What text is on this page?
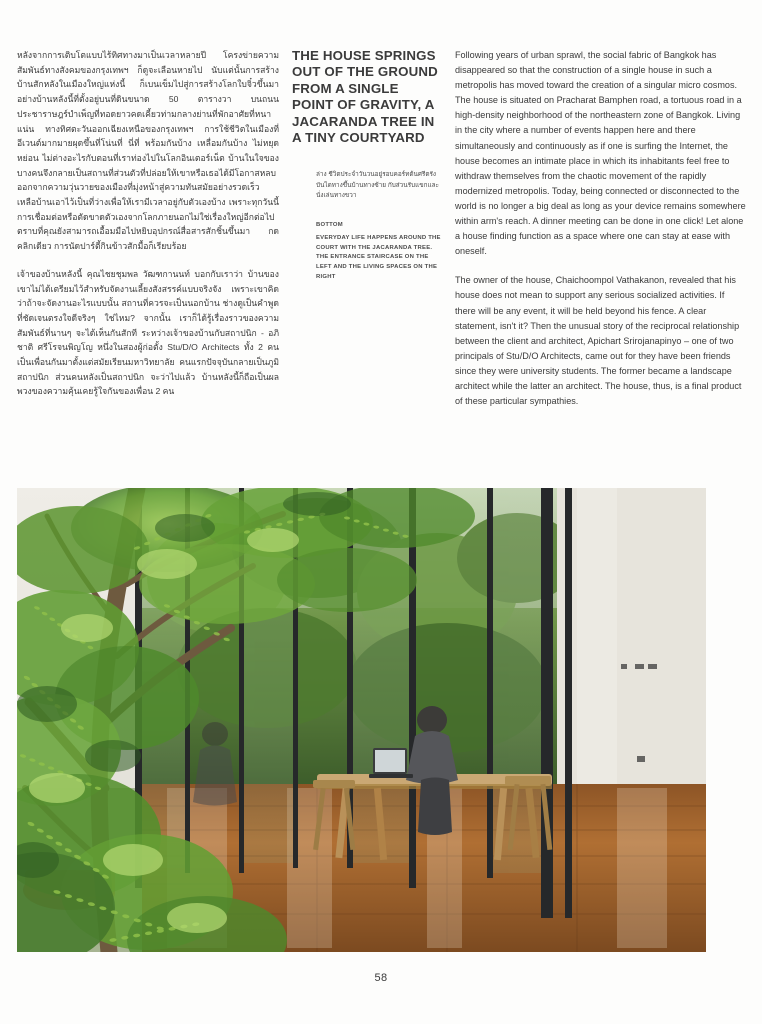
หลังจากการเติบโตแบบไร้ทิศทางมาเป็นเวลาหลายปี โครงข่ายความสัมพันธ์ทางสังคมของกรุงเทพฯ ก็ดูจะเลือนหายไป นับแต่นั้นการสร้างบ้านสักหลังในเมืองใหญ่แห่งนี้ ก็เบนเข็มไปสู่การสร้างโลกใบจิ๋วขึ้นมา อย่างบ้านหลังนี้ที่ตั้งอยู่บนที่ดินขนาด 50 ตารางวา บนถนนประชาราษฎร์บำเพ็ญที่ทอดยาวคดเคี้ยวท่ามกลางย่านที่พักอาศัยที่หนาแน่น ทางทิศตะวันออกเฉียงเหนือของกรุงเทพฯ การใช้ชีวิตในเมืองที่อีเวนต์มากมายผุดขึ้นที่โน่นที่ นี่ที่ พร้อมกันบ้าง เหลื่อมกันบ้าง ไม่หยุดหย่อน ไม่ต่างอะไรกับตอนที่เราท่องไปในโลกอินเตอร์เน็ต บ้านในใจของบางคนจึงกลายเป็นสถานที่ส่วนตัวที่ปล่อยให้เขาหรือเธอได้มีโอกาสหลบออกจากความวุ่นวายของเมืองที่มุ่งหน้าสู่ความทันสมัยอย่างรวดเร็ว เหลือบ้านเอาไว้เป็นที่ว่างเพื่อให้เรามีเวลาอยู่กับตัวเองบ้าง เพราะทุกวันนี้ การเชื่อมต่อหรือตัดขาดตัวเองจากโลกภายนอกไม่ใช่เรื่องใหญ่อีกต่อไป ตราบที่คุณยังสามารถเอื้อมมือไปหยิบอุปกรณ์สื่อสารสักชิ้นขึ้นมา กดคลิกเดียว การนัดปาร์ตี้กินข้าวสักมื้อก็เรียบร้อย

เจ้าของบ้านหลังนี้ คุณไชยชุมพล วัฒฑกานนท์ บอกกับเราว่า บ้านของเขาไม่ได้เตรียมไว้สำหรับจัดงานเลี้ยงสังสรรค์แบบจริงจัง เพราะเขาคิดว่าถ้าจะจัดงานอะไรแบบนั้น สถานที่ควรจะเป็นนอกบ้าน ช่างดูเป็นคำพูดที่ชัดเจนตรงใจดีจริงๆ ใช่ไหม? จากนั้น เราก็ได้รู้เรื่องราวของความสัมพันธ์ที่นานๆ จะได้เห็นกันสักที ระหว่างเจ้าของบ้านกับสถาปนิก - อภิชาติ ศรีโรจนพิญโญ หนึ่งในสองผู้ก่อตั้ง Stu/D/O Architects ทั้ง 2 คนเป็นเพื่อนกันมาตั้งแต่สมัยเรียนมหาวิทยาลัย คนแรกปัจจุบันกลายเป็นภูมิสถาปนิก ส่วนคนหลังเป็นสถาปนิก จะว่าไปแล้ว บ้านหลังนี้ก็ถือเป็นผลพวงของความคุ้นเคยรู้ใจกันของเพื่อน 2 คน

THE HOUSE SPRINGS OUT OF THE GROUND FROM A SINGLE POINT OF GRAVITY, A JACARANDA TREE IN A TINY COURTYARD
ล่าง ชีวิตประจำวันวนอยู่รอบคอร์ทต้นศรีตรัง บันไดทางขึ้นบ้านทางซ้าย กับส่วนรับแขกและนั่งเล่นทางขวา
BOTTOM
EVERYDAY LIFE HAPPENS AROUND THE COURT WITH THE JACARANDA TREE. THE ENTRANCE STAIRCASE ON THE LEFT AND THE LIVING SPACES ON THE RIGHT

Following years of urban sprawl, the social fabric of Bangkok has disappeared so that the construction of a single house in such a metropolis has moved toward the creation of a singular micro cosmos. The house is situated on Pracharat Bamphen road, a tortuous road in a high-density neighborhood of the northeastern zone of Bangkok. Living in the city where a number of events happen here and there simultaneously and continuously as if one is surfing the Internet, the house becomes an intimate place in which its inhabitants feel free to withdraw themselves from the chaotic movement of the rapidly modernized metropolis. Today, being connected or disconnected to the world is no longer a big deal as long as your device remains somewhere within arm's reach. A dinner meeting can be done in one click! Let alone a house finding function as a space where one can stay at ease with oneself.

The owner of the house, Chaichoompol Vathakanon, revealed that his house does not mean to support any serious socialized activities. If there will be any event, it will be held beyond his fence. A clear statement, isn't it? Then the unusual story of the reciprocal relationship between the client and architect, Apichart Srirojanapinyo – one of two principals of Stu/D/O Architects, came out for they have been friends since they were university students. The former became a landscape architect while the latter an architect. The house, thus, is a final product of these particular sympathies.

58
